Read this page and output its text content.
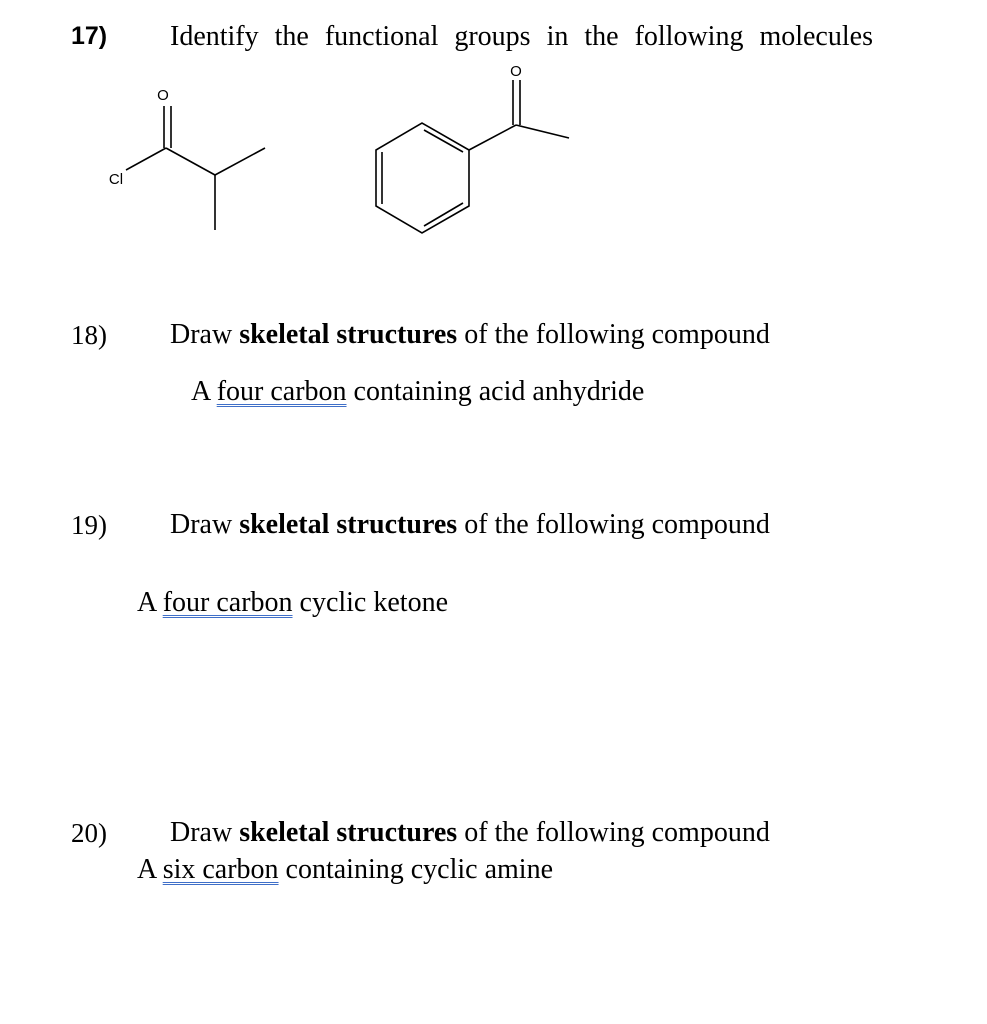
17) Identify the functional groups in the following molecules
O
Cl
O
18) Draw skeletal structures of the following compound
A four carbon containing acid anhydride
19) Draw skeletal structures of the following compound
A four carbon cyclic ketone
20) Draw skeletal structures of the following compound
A six carbon containing cyclic amine
